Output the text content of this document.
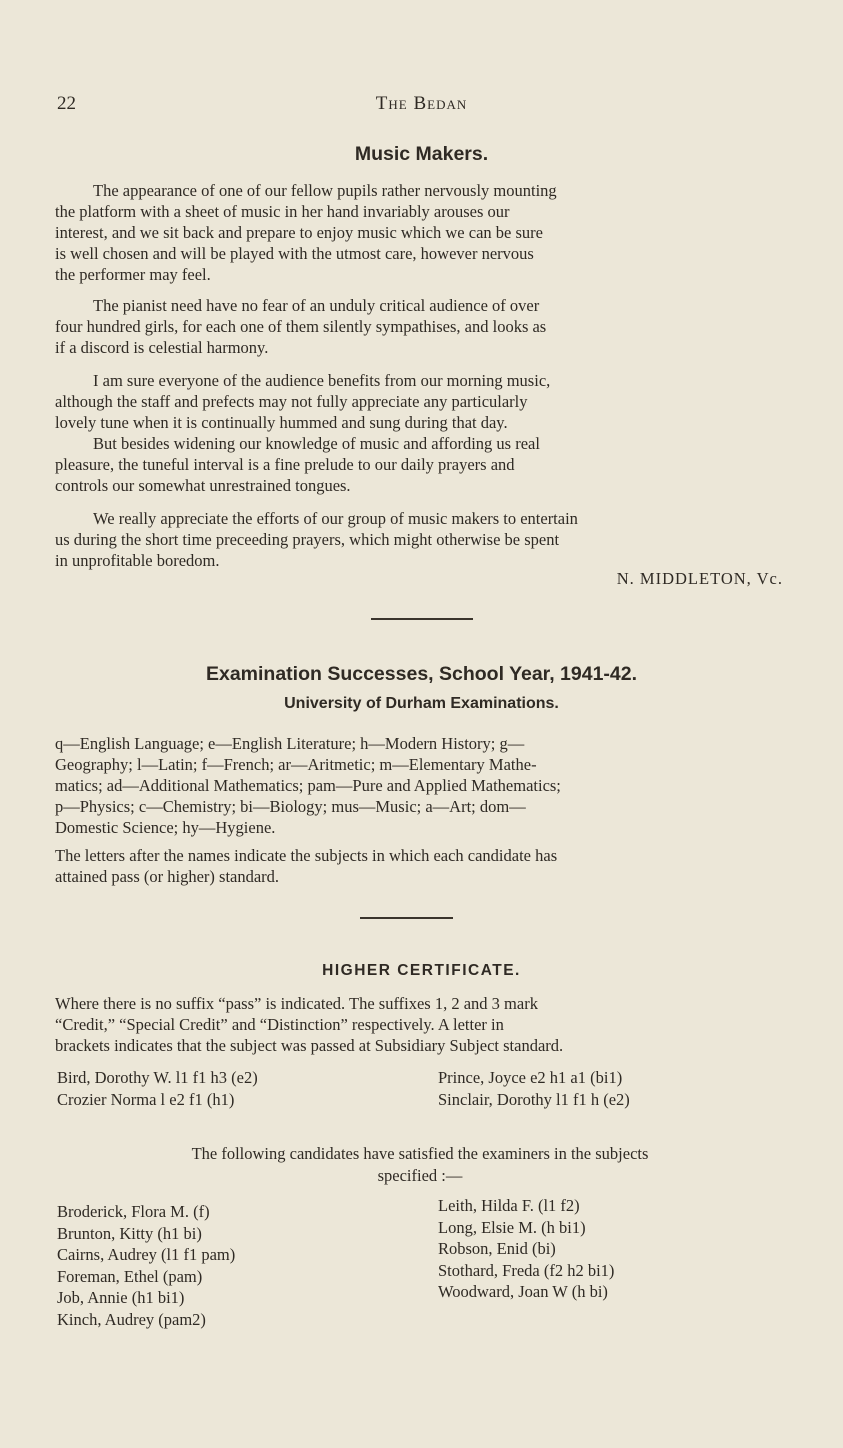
22	The Bedan
Music Makers.
The appearance of one of our fellow pupils rather nervously mounting
the platform with a sheet of music in her hand invariably arouses our
interest, and we sit back and prepare to enjoy music which we can be sure
is well chosen and will be played with the utmost care, however nervous
the performer may feel.
The pianist need have no fear of an unduly critical audience of over
four hundred girls, for each one of them silently sympathises, and looks as
if a discord is celestial harmony.
I am sure everyone of the audience benefits from our morning music,
although the staff and prefects may not fully appreciate any particularly
lovely tune when it is continually hummed and sung during that day.
But besides widening our knowledge of music and affording us real
pleasure, the tuneful interval is a fine prelude to our daily prayers and
controls our somewhat unrestrained tongues.
We really appreciate the efforts of our group of music makers to entertain
us during the short time preceeding prayers, which might otherwise be spent
in unprofitable boredom.
N. MIDDLETON, Vc.
Examination Successes, School Year, 1941-42.
University of Durham Examinations.
q—English Language; e—English Literature; h—Modern History; g—
Geography; l—Latin; f—French; ar—Aritmetic; m—Elementary Mathe-
matics; ad—Additional Mathematics; pam—Pure and Applied Mathematics;
p—Physics; c—Chemistry; bi—Biology; mus—Music; a—Art; dom—
Domestic Science; hy—Hygiene.
The letters after the names indicate the subjects in which each candidate has
attained pass (or higher) standard.
HIGHER CERTIFICATE.
Where there is no suffix “pass” is indicated. The suffixes 1, 2 and 3 mark
“Credit,” “Special Credit” and “Distinction” respectively. A letter in
brackets indicates that the subject was passed at Subsidiary Subject standard.
Bird, Dorothy W. l1 f1 h3 (e2)
Crozier Norma l e2 f1 (h1)
Prince, Joyce e2 h1 a1 (bi1)
Sinclair, Dorothy l1 f1 h (e2)
The following candidates have satisfied the examiners in the subjects
specified :—
Broderick, Flora M. (f)
Brunton, Kitty (h1 bi)
Cairns, Audrey (l1 f1 pam)
Foreman, Ethel (pam)
Job, Annie (h1 bi1)
Kinch, Audrey (pam2)
Leith, Hilda F. (l1 f2)
Long, Elsie M. (h bi1)
Robson, Enid (bi)
Stothard, Freda (f2 h2 bi1)
Woodward, Joan W (h bi)
